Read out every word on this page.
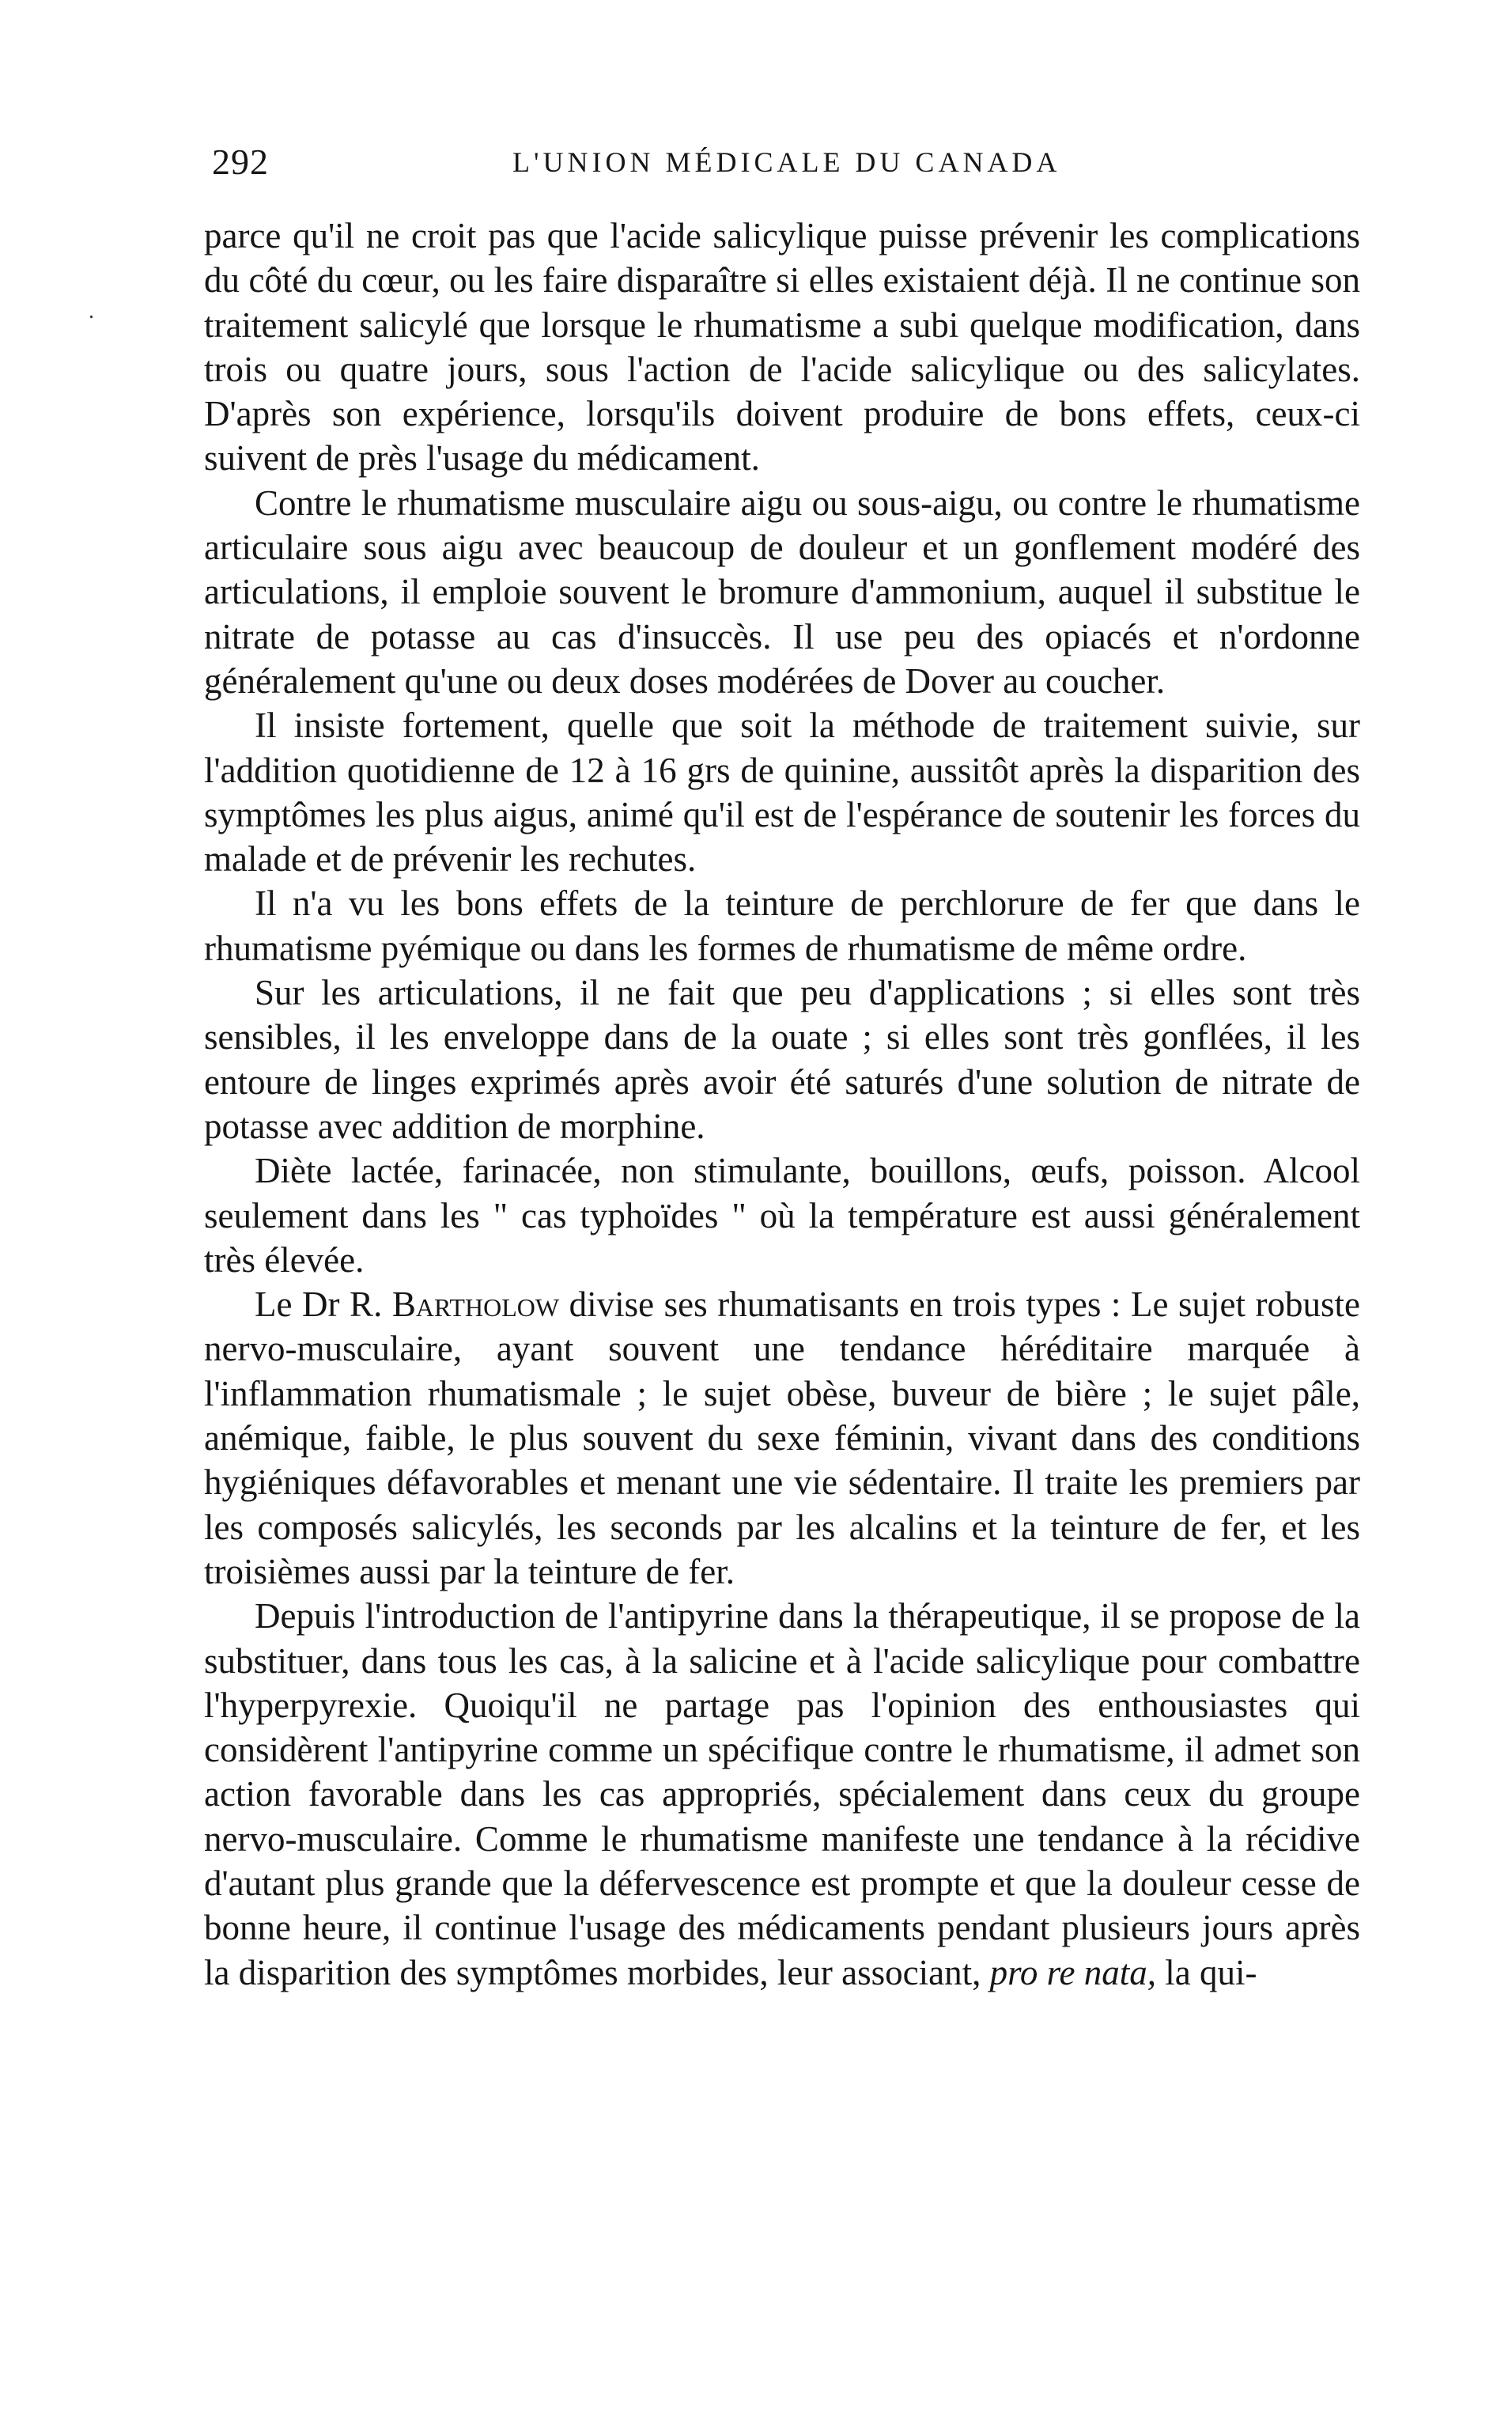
292	L'UNION MÉDICALE DU CANADA
.

parce qu'il ne croit pas que l'acide salicylique puisse prévenir les complications du côté du cœur, ou les faire disparaître si elles existaient déjà. Il ne continue son traitement salicylé que lorsque le rhumatisme a subi quelque modification, dans trois ou quatre jours, sous l'action de l'acide salicylique ou des salicylates. D'après son expérience, lorsqu'ils doivent produire de bons effets, ceux-ci suivent de près l'usage du médicament.

Contre le rhumatisme musculaire aigu ou sous-aigu, ou contre le rhumatisme articulaire sous aigu avec beaucoup de douleur et un gonflement modéré des articulations, il emploie souvent le bromure d'ammonium, auquel il substitue le nitrate de potasse au cas d'insuccès. Il use peu des opiacés et n'ordonne généralement qu'une ou deux doses modérées de Dover au coucher.

Il insiste fortement, quelle que soit la méthode de traitement suivie, sur l'addition quotidienne de 12 à 16 grs de quinine, aussitôt après la disparition des symptômes les plus aigus, animé qu'il est de l'espérance de soutenir les forces du malade et de prévenir les rechutes.

Il n'a vu les bons effets de la teinture de perchlorure de fer que dans le rhumatisme pyémique ou dans les formes de rhumatisme de même ordre.

Sur les articulations, il ne fait que peu d'applications ; si elles sont très sensibles, il les enveloppe dans de la ouate ; si elles sont très gonflées, il les entoure de linges exprimés après avoir été saturés d'une solution de nitrate de potasse avec addition de morphine.

Diète lactée, farinacée, non stimulante, bouillons, œufs, poisson. Alcool seulement dans les " cas typhoïdes " où la température est aussi généralement très élevée.

Le Dr R. Bartholow divise ses rhumatisants en trois types : Le sujet robuste nervo-musculaire, ayant souvent une tendance héréditaire marquée à l'inflammation rhumatismale ; le sujet obèse, buveur de bière ; le sujet pâle, anémique, faible, le plus souvent du sexe féminin, vivant dans des conditions hygiéniques défavorables et menant une vie sédentaire. Il traite les premiers par les composés salicylés, les seconds par les alcalins et la teinture de fer, et les troisièmes aussi par la teinture de fer.

Depuis l'introduction de l'antipyrine dans la thérapeutique, il se propose de la substituer, dans tous les cas, à la salicine et à l'acide salicylique pour combattre l'hyperpyrexie. Quoiqu'il ne partage pas l'opinion des enthousiastes qui considèrent l'antipyrine comme un spécifique contre le rhumatisme, il admet son action favorable dans les cas appropriés, spécialement dans ceux du groupe nervo-musculaire. Comme le rhumatisme manifeste une tendance à la récidive d'autant plus grande que la défervescence est prompte et que la douleur cesse de bonne heure, il continue l'usage des médicaments pendant plusieurs jours après la disparition des symptômes morbides, leur associant, pro re nata, la qui-
